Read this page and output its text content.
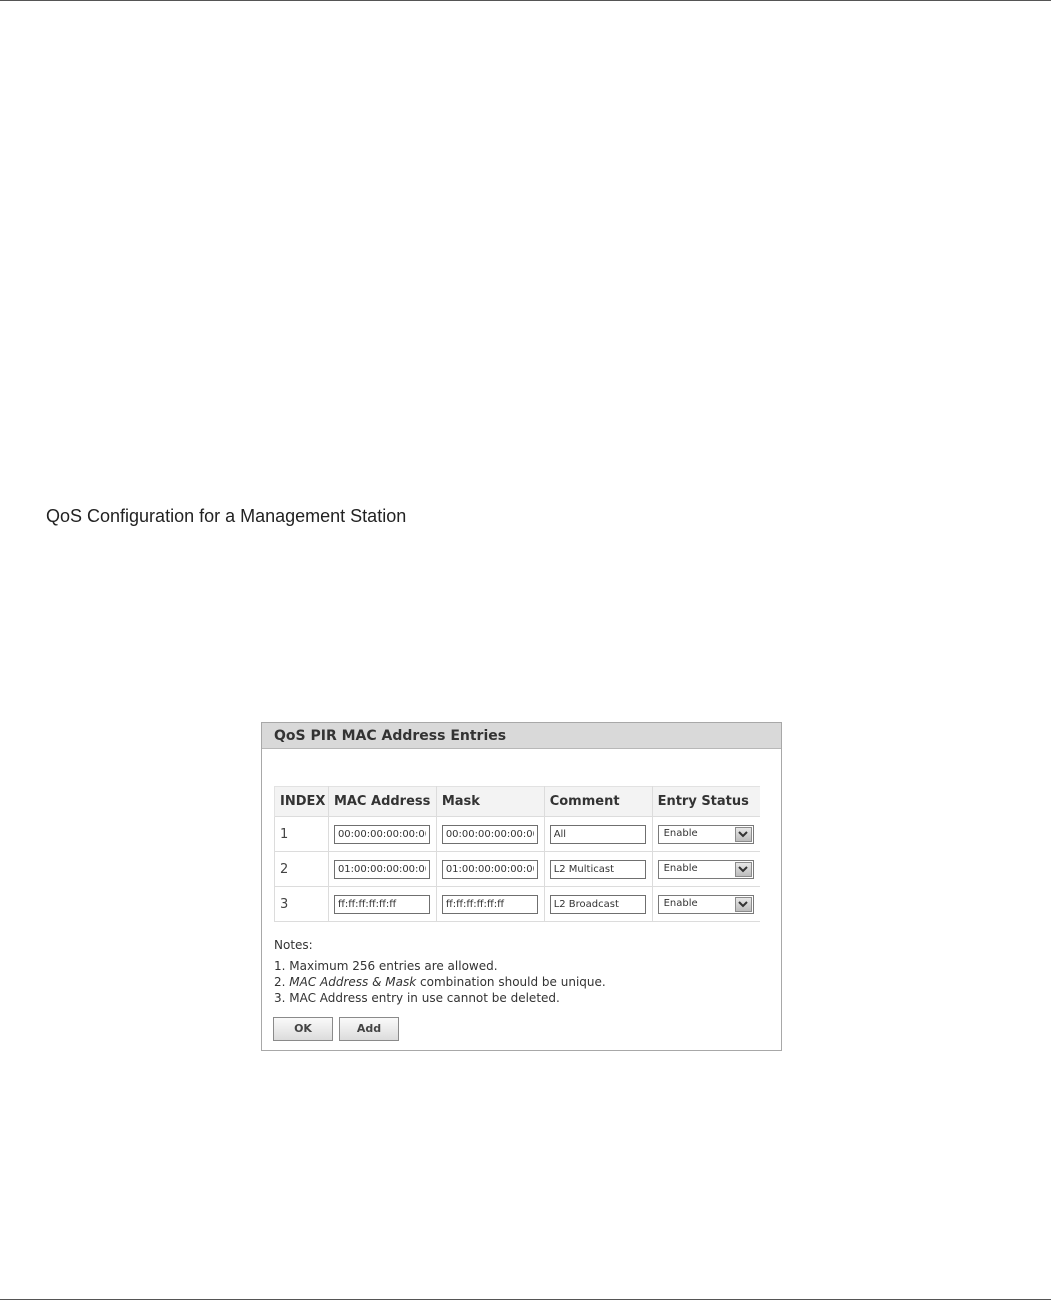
QoS Configuration for a Management Station
QoS PIR MAC Address Entries
INDEX	MAC Address	Mask	Comment	Entry Status
1	00:00:00:00:00:00	00:00:00:00:00:00	All	Enable

2	01:00:00:00:00:00	01:00:00:00:00:00	L2 Multicast	Enable

3	ff:ff:ff:ff:ff:ff	ff:ff:ff:ff:ff:ff	L2 Broadcast	Enable
Notes:
1. Maximum 256 entries are allowed.
2. MAC Address & Mask combination should be unique.
3. MAC Address entry in use cannot be deleted.
OK	Add
